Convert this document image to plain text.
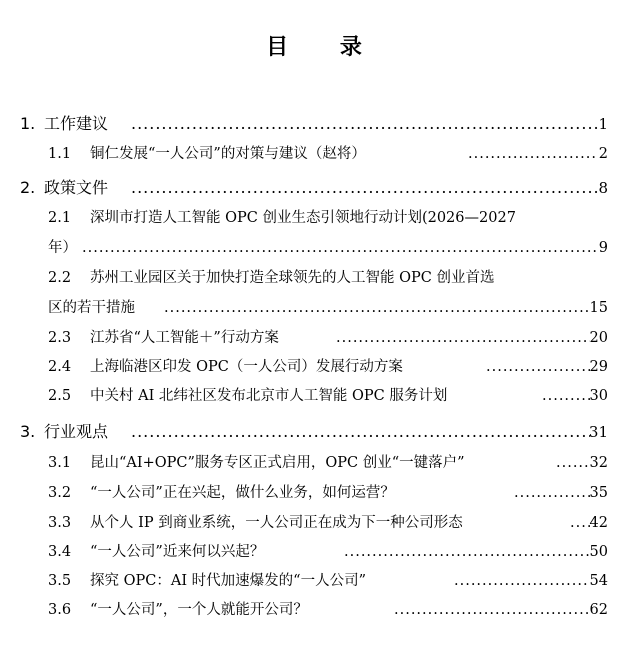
目 录
1. 工作建议 .....	1
1.1 铜仁发展“一人公司”的对策与建议（赵将） .....	2
2. 政策文件 .....	8
2.1 深圳市打造人工智能 OPC 创业生态引领地行动计划(2026—2027
年） .....	9
2.2 苏州工业园区关于加快打造全球领先的人工智能 OPC 创业首选
区的若干措施 .....	15
2.3 江苏省“人工智能＋”行动方案 .....	20
2.4 上海临港区印发 OPC（一人公司）发展行动方案 .....	29
2.5 中关村 AI 北纬社区发布北京市人工智能 OPC 服务计划 .....	30
3. 行业观点 .....	31
3.1 昆山“AI+OPC”服务专区正式启用，OPC 创业“一键落户” .....	32
3.2 “一人公司”正在兴起，做什么业务，如何运营？ .....	35
3.3 从个人 IP 到商业系统，一人公司正在成为下一种公司形态 .....	42
3.4 “一人公司”近来何以兴起？ .....	50
3.5 探究 OPC：AI 时代加速爆发的“一人公司” .....	54
3.6 “一人公司”，一个人就能开公司？ .....	62
